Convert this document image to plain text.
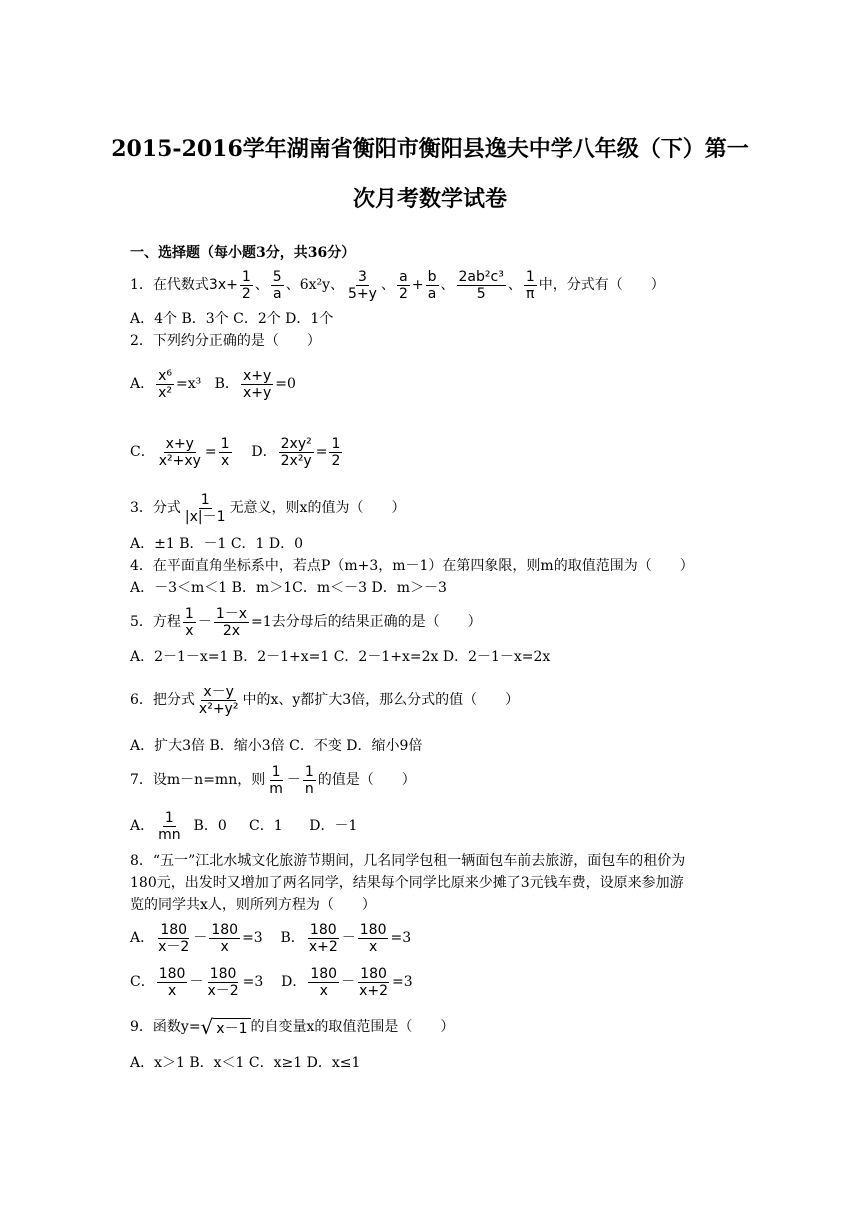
2015-2016学年湖南省衡阳市衡阳县逸夫中学八年级（下）第一
次月考数学试卷
一、选择题（每小题3分，共36分）
1．在代数式$3x+ \frac{1}{2}$ 、 $\frac{5}{a}$ 、6x²y、 $\frac{3}{5+y}$ 、 $\frac{a}{2} + \frac{b}{a}$ 、 $\frac{\text{2ab²c³}}{5}$ 、 $\frac{1}{\pi}$ 中，分式有（　　）
A．4个 B．3个 C．2个 D．1个
2．下列约分正确的是（　　）
A． $\frac{\text{x⁶}}{\text{x²}} =x^3$ B． $\frac{x+y}{x+y} =0$
C． $\frac{x+y}{\text{x²+xy}} = \frac{1}{x}$ D． $\frac{\text{2xy²}}{\text{2x²y}} = \frac{1}{2}$
3．分式 $\frac{1}{|x|-1}$ 无意义，则x的值为（　　）
A．±1 B．－1 C．1 D．0
4．在平面直角坐标系中，若点P（m+3，m－1）在第四象限，则m的取值范围为（　　）
A．－3＜m＜1 B．m＞1C．m＜－3 D．m＞－3
5．方程 $\frac{1}{x} - \frac{1-x}{2x} =1$去分母后的结果正确的是（　　）
A．2－1－x=1 B．2－1+x=1 C．2－1+x=2x D．2－1－x=2x
6．把分式 $\frac{x-y}{\text{x²+y²}}$ 中的x、y都扩大3倍，那么分式的值（　　）
A．扩大3倍 B．缩小3倍 C．不变 D．缩小9倍
7．设m－n=mn，则 $\frac{1}{m} - \frac{1}{n}$ 的值是（　　）
A． $\frac{1}{mn}$ B．0     C．1      D．－1
8．“五一”江北水城文化旅游节期间，几名同学包租一辆面包车前去旅游，面包车的租价为
180元，出发时又增加了两名同学，结果每个同学比原来少摊了3元钱车费，设原来参加游
览的同学共x人，则所列方程为（　　）
A． $\frac{180}{x-2} - \frac{180}{x} =3$ B． $\frac{180}{x+2} - \frac{180}{x} =3$
C． $\frac{180}{x} - \frac{180}{x-2} =3$ D． $\frac{180}{x} - \frac{180}{x+2} =3$
9．函数y= √ x－1 的自变量x的取值范围是（　　）
A．x＞1 B．x＜1 C．x≥1 D．x≤1
